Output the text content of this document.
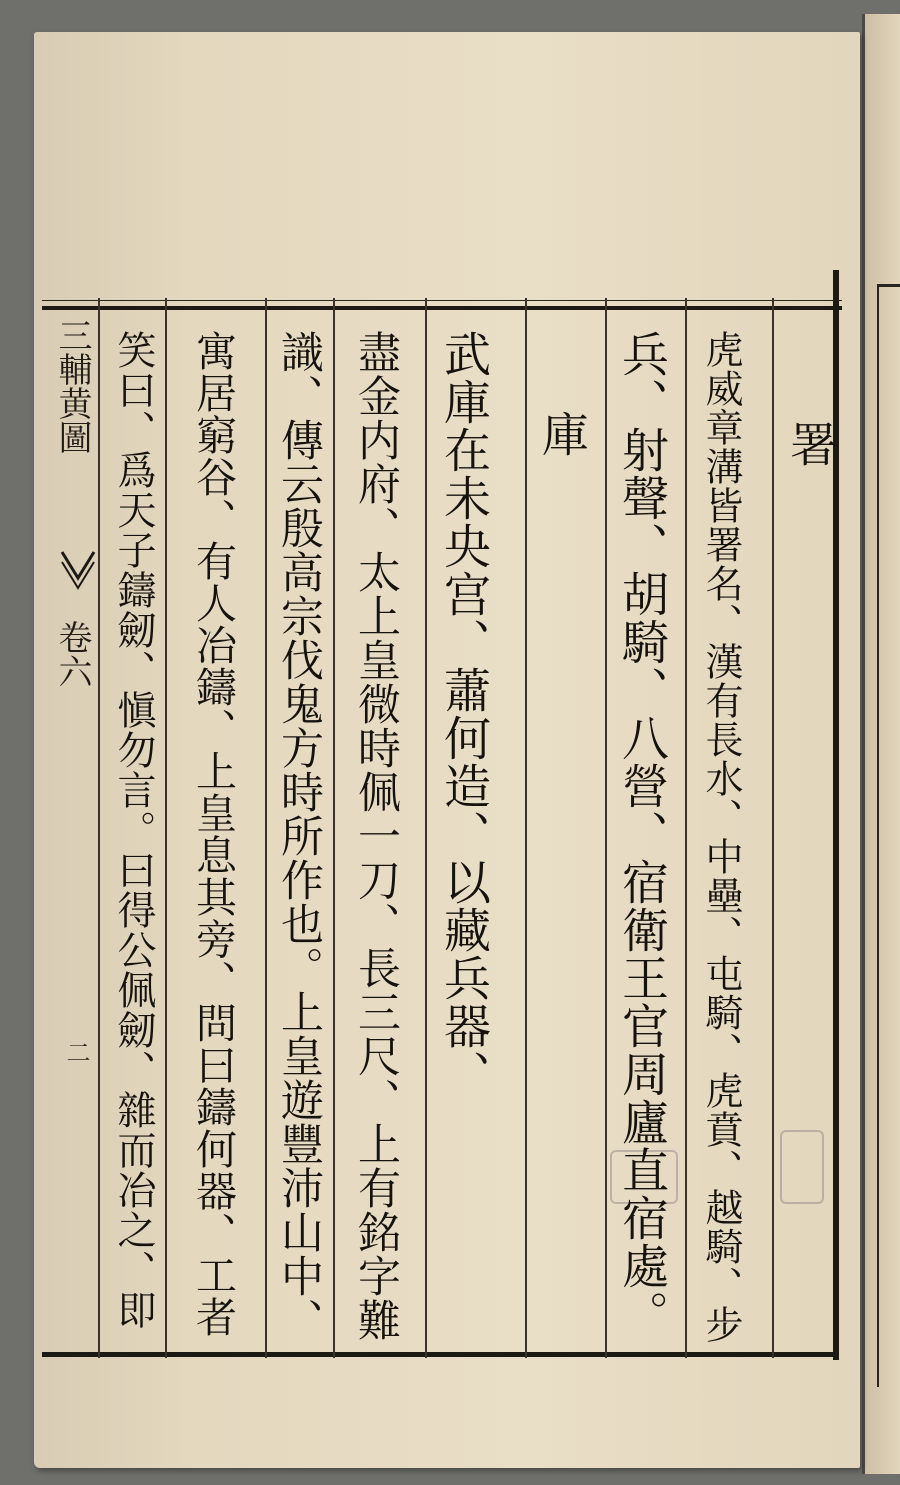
三輔黄圖
卷六
二
署
虎威章溝皆署名、漢有長水、中壘、屯騎、虎賁、越騎、步
兵、射聲、胡騎、八營、宿衛王官周廬直宿處。
庫
武庫在未央宫、蕭何造、以藏兵器、
盡金内府、太上皇微時佩一刀、長三尺、上有銘字難
識、傳云殷高宗伐鬼方時所作也。上皇遊豐沛山中、
寓居窮谷、有人冶鑄、上皇息其旁、問曰鑄何器、工者
笑曰、爲天子鑄劒、愼勿言。曰得公佩劒、雜而冶之、即
